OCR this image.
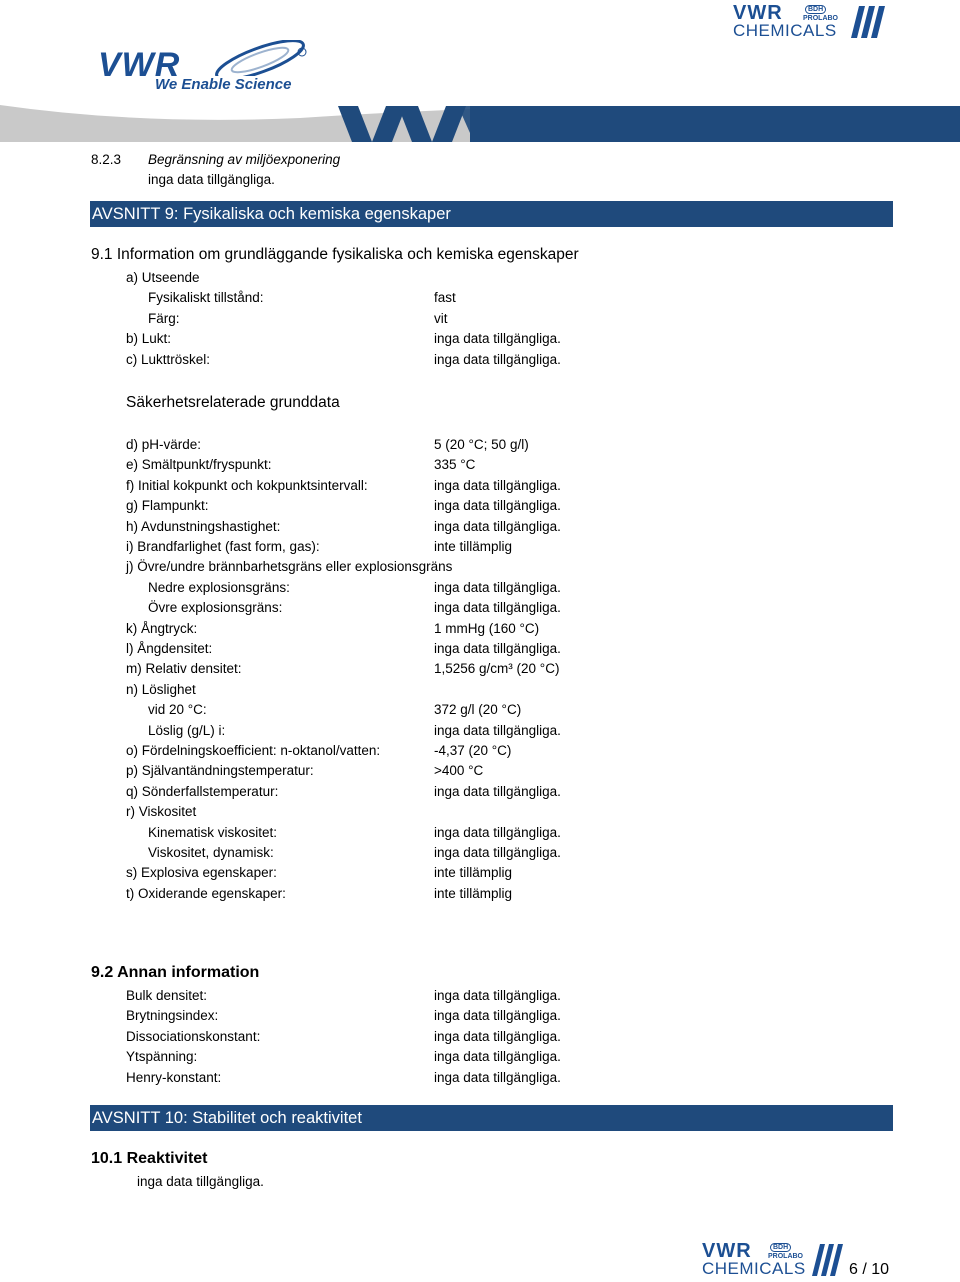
VWR
We Enable Science
VWR	BDH
PROLABO
CHEMICALS
8.2.3 Begränsning av miljöexponering
inga data tillgängliga.
AVSNITT 9: Fysikaliska och kemiska egenskaper
9.1 Information om grundläggande fysikaliska och kemiska egenskaper
a) Utseende
Fysikaliskt tillstånd:	fast
Färg:	vit
b) Lukt:	inga data tillgängliga.
c) Lukttröskel:	inga data tillgängliga.
Säkerhetsrelaterade grunddata
d) pH-värde:	5 (20 °C; 50 g/l)
e) Smältpunkt/fryspunkt:	335 °C
f) Initial kokpunkt och kokpunktsintervall:	inga data tillgängliga.
g) Flampunkt:	inga data tillgängliga.
h) Avdunstningshastighet:	inga data tillgängliga.
i) Brandfarlighet (fast form, gas):	inte tillämplig
j) Övre/undre brännbarhetsgräns eller explosionsgräns
Nedre explosionsgräns:	inga data tillgängliga.
Övre explosionsgräns:	inga data tillgängliga.
k) Ångtryck:	1 mmHg (160 °C)
l) Ångdensitet:	inga data tillgängliga.
m) Relativ densitet:	1,5256 g/cm³ (20 °C)
n) Löslighet
vid 20 °C:	372 g/l (20 °C)
Löslig (g/L) i:	inga data tillgängliga.
o) Fördelningskoefficient: n-oktanol/vatten:	-4,37 (20 °C)
p) Självantändningstemperatur:	>400 °C
q) Sönderfallstemperatur:	inga data tillgängliga.
r) Viskositet
Kinematisk viskositet:	inga data tillgängliga.
Viskositet, dynamisk:	inga data tillgängliga.
s) Explosiva egenskaper:	inte tillämplig
t) Oxiderande egenskaper:	inte tillämplig
9.2 Annan information
Bulk densitet:	inga data tillgängliga.
Brytningsindex:	inga data tillgängliga.
Dissociationskonstant:	inga data tillgängliga.
Ytspänning:	inga data tillgängliga.
Henry-konstant:	inga data tillgängliga.
AVSNITT 10: Stabilitet och reaktivitet
10.1 Reaktivitet
inga data tillgängliga.
VWR	BDH
PROLABO
CHEMICALS	6 / 10
